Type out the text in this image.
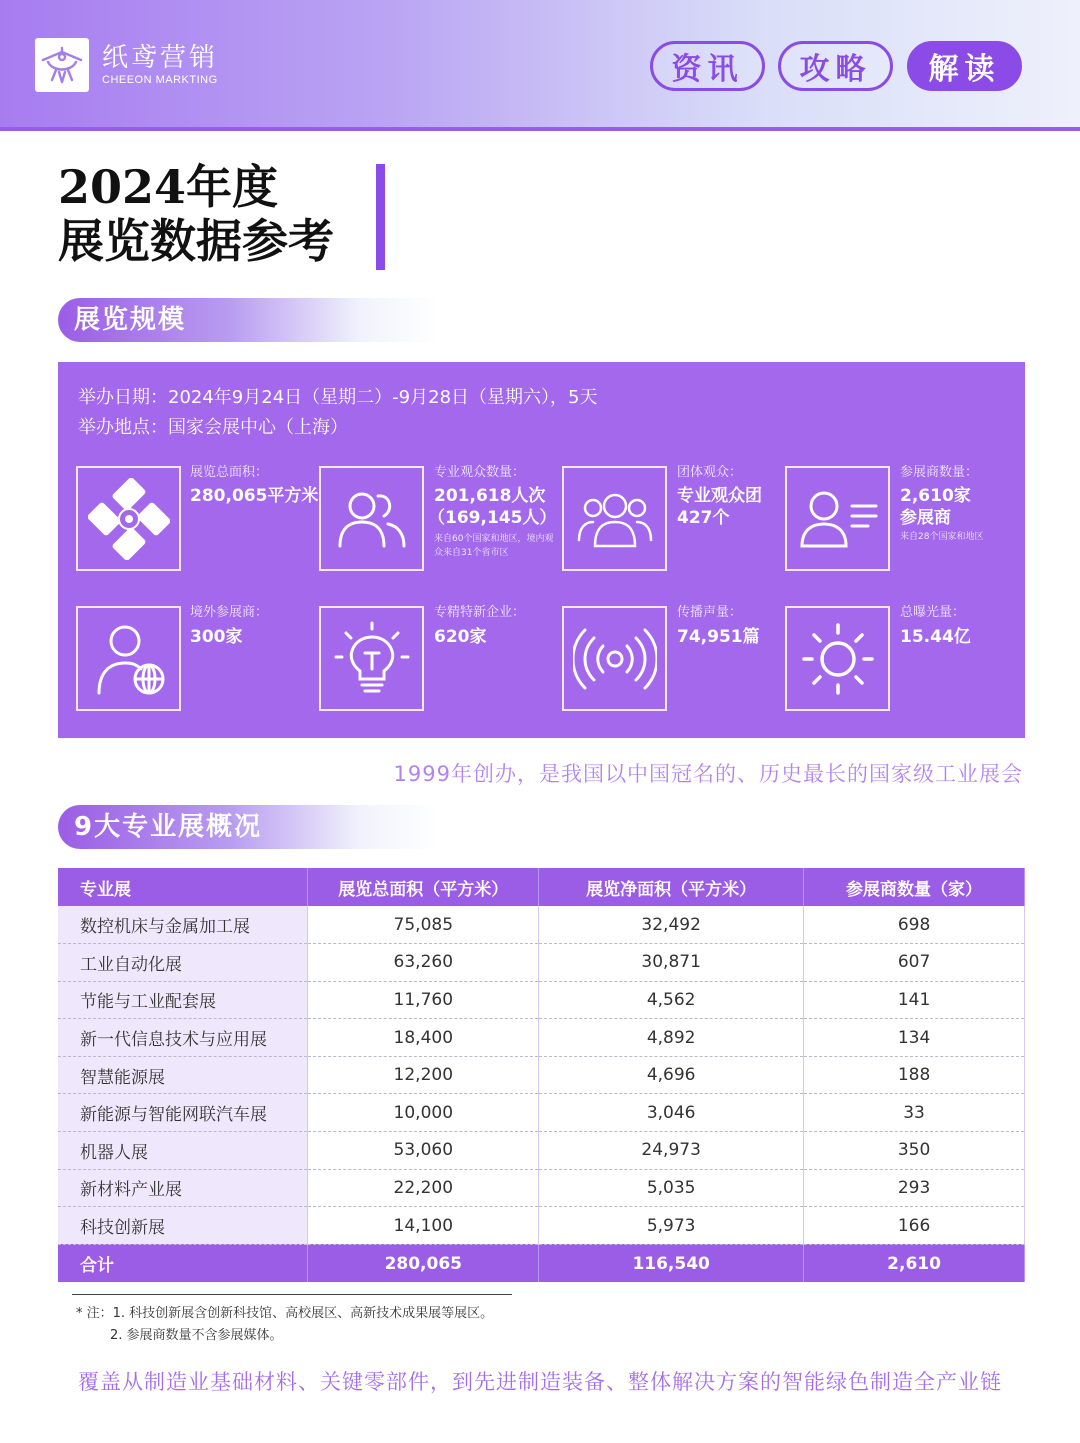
纸鸢营销
CHEEON MARKTING	资讯	攻略	解读
2024年度
展览数据参考
展览规模
举办日期：2024年9月24日（星期二）-9月28日（星期六），5天
举办地点：国家会展中心（上海）
展览总面积：
280,065平方米
专业观众数量：
201,618人次
（169,145人）
来自60个国家和地区，境内观众来自31个省市区
团体观众：
专业观众团
427个
参展商数量：
2,610家
参展商
来自28个国家和地区
境外参展商：
300家
专精特新企业：
620家
传播声量：
74,951篇
总曝光量：
15.44亿
1999年创办，是我国以中国冠名的、历史最长的国家级工业展会
9大专业展概况
专业展	展览总面积（平方米）	展览净面积（平方米）	参展商数量（家）
数控机床与金属加工展	75,085	32,492	698
工业自动化展	63,260	30,871	607
节能与工业配套展	11,760	4,562	141
新一代信息技术与应用展	18,400	4,892	134
智慧能源展	12,200	4,696	188
新能源与智能网联汽车展	10,000	3,046	33
机器人展	53,060	24,973	350
新材料产业展	22,200	5,035	293
科技创新展	14,100	5,973	166
合计	280,065	116,540	2,610
* 注：1. 科技创新展含创新科技馆、高校展区、高新技术成果展等展区。
2. 参展商数量不含参展媒体。
覆盖从制造业基础材料、关键零部件，到先进制造装备、整体解决方案的智能绿色制造全产业链
